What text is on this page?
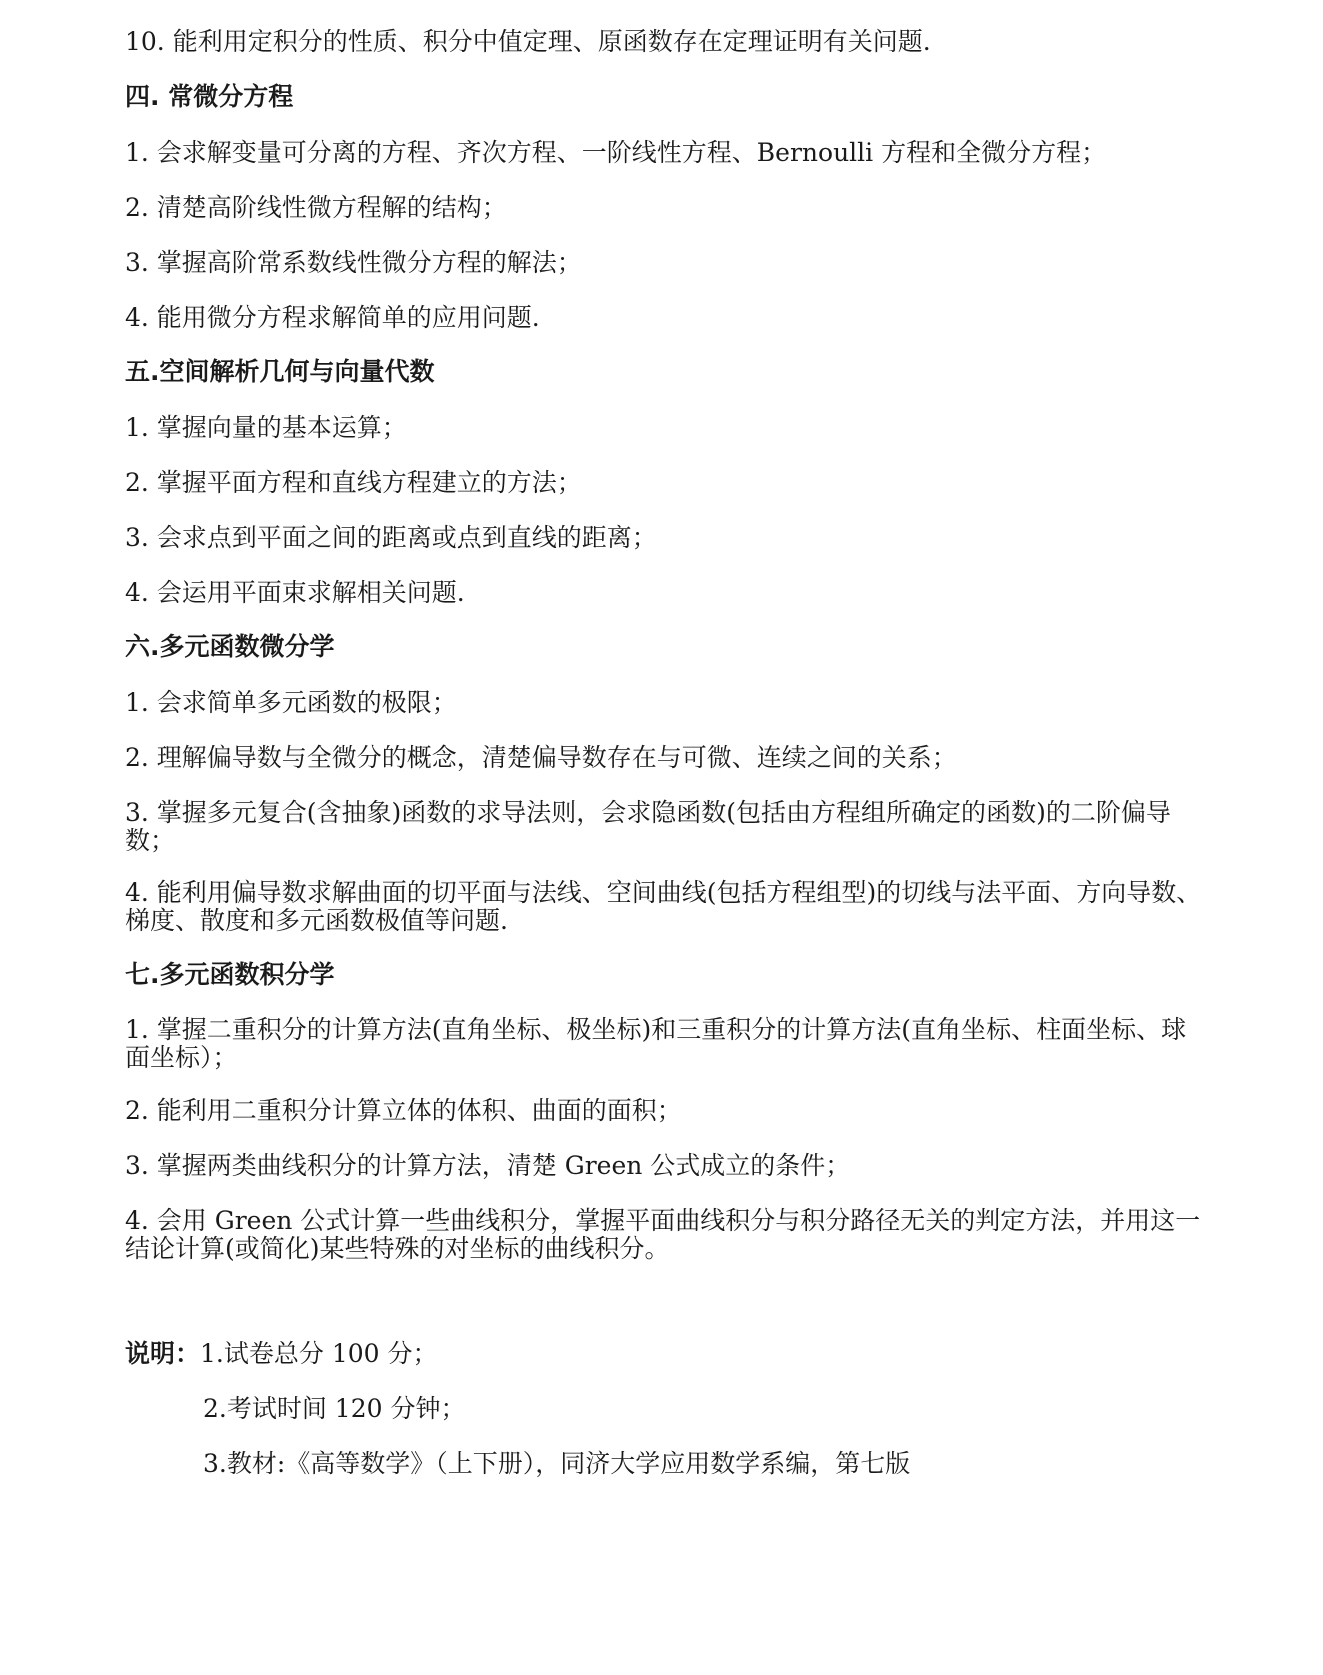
10. 能利用定积分的性质、积分中值定理、原函数存在定理证明有关问题.
四. 常微分方程
1. 会求解变量可分离的方程、齐次方程、一阶线性方程、Bernoulli 方程和全微分方程；
2. 清楚高阶线性微方程解的结构；
3. 掌握高阶常系数线性微分方程的解法；
4. 能用微分方程求解简单的应用问题.
五.空间解析几何与向量代数
1. 掌握向量的基本运算；
2. 掌握平面方程和直线方程建立的方法；
3. 会求点到平面之间的距离或点到直线的距离；
4. 会运用平面束求解相关问题.
六.多元函数微分学
1. 会求简单多元函数的极限；
2. 理解偏导数与全微分的概念，清楚偏导数存在与可微、连续之间的关系；
3. 掌握多元复合(含抽象)函数的求导法则，会求隐函数(包括由方程组所确定的函数)的二阶偏导数；
4. 能利用偏导数求解曲面的切平面与法线、空间曲线(包括方程组型)的切线与法平面、方向导数、梯度、散度和多元函数极值等问题.
七.多元函数积分学
1. 掌握二重积分的计算方法(直角坐标、极坐标)和三重积分的计算方法(直角坐标、柱面坐标、球面坐标）；
2. 能利用二重积分计算立体的体积、曲面的面积；
3. 掌握两类曲线积分的计算方法，清楚 Green 公式成立的条件；
4. 会用 Green 公式计算一些曲线积分，掌握平面曲线积分与积分路径无关的判定方法，并用这一结论计算(或简化)某些特殊的对坐标的曲线积分。
说明：1.试卷总分 100 分；
2.考试时间 120 分钟；
3.教材:《高等数学》（上下册），同济大学应用数学系编，第七版
